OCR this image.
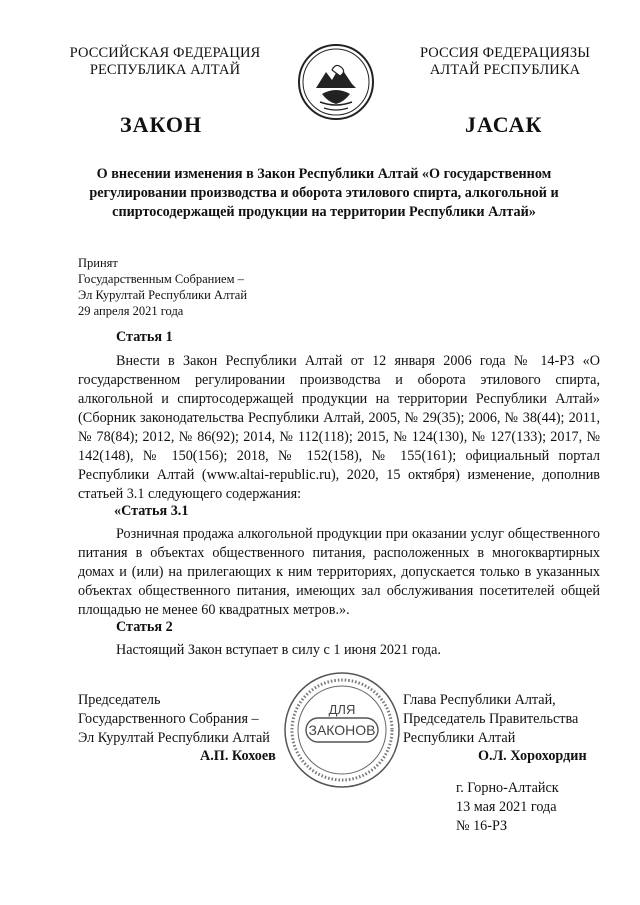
РОССИЙСКАЯ ФЕДЕРАЦИЯ
РЕСПУБЛИКА АЛТАЙ
РОССИЯ ФЕДЕРАЦИЯЗЫ
АЛТАЙ РЕСПУБЛИКА
ЗАКОН	JАСАК
О внесении изменения в Закон Республики Алтай «О государственном регулировании производства и оборота этилового спирта, алкогольной и спиртосодержащей продукции на территории Республики Алтай»
Принят
Государственным Собранием –
Эл Курултай Республики Алтай
29 апреля 2021 года
Статья 1
Внести в Закон Республики Алтай от 12 января 2006 года № 14-РЗ «О государственном регулировании производства и оборота этилового спирта, алкогольной и спиртосодержащей продукции на территории Республики Алтай» (Сборник законодательства Республики Алтай, 2005, № 29(35); 2006, № 38(44); 2011, № 78(84); 2012, № 86(92); 2014, № 112(118); 2015, № 124(130), № 127(133); 2017, № 142(148), № 150(156); 2018, № 152(158), № 155(161); официальный портал Республики Алтай (www.altai-republic.ru), 2020, 15 октября) изменение, дополнив статьей 3.1 следующего содержания:
«Статья 3.1
Розничная продажа алкогольной продукции при оказании услуг общественного питания в объектах общественного питания, расположенных в многоквартирных домах и (или) на прилегающих к ним территориях, допускается только в указанных объектах общественного питания, имеющих зал обслуживания посетителей общей площадью не менее 60 квадратных метров.».
Статья 2
Настоящий Закон вступает в силу с 1 июня 2021 года.
Председатель
Государственного Собрания –
Эл Курултай Республики Алтай
А.П. Кохоев
Глава Республики Алтай,
Председатель Правительства
Республики Алтай
О.Л. Хорохордин
ДЛЯ
ЗАКОНОВ
г. Горно-Алтайск
13 мая 2021 года
№ 16-РЗ
